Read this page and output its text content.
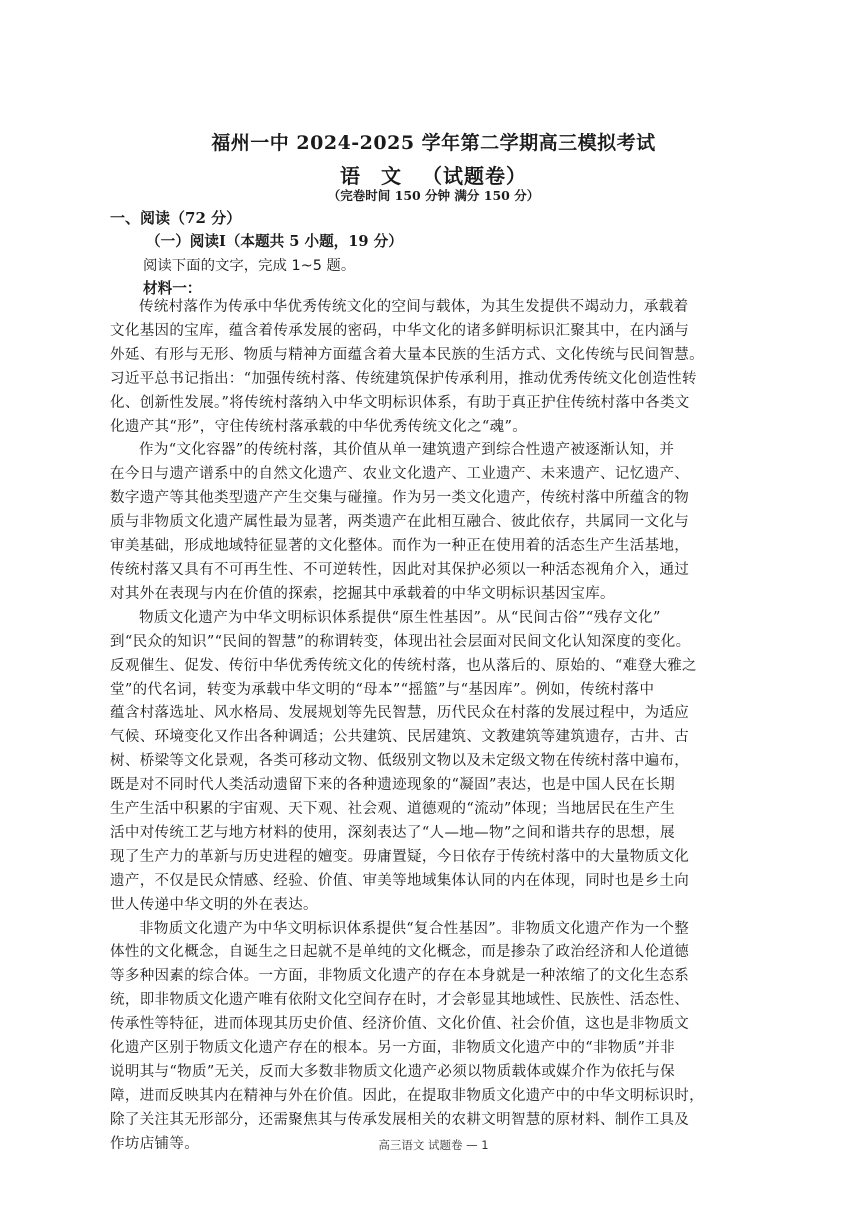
福州一中 2024-2025 学年第二学期高三模拟考试
语 文 （试题卷）
（完卷时间 150 分钟 满分 150 分）
一、阅读（72 分）
（一）阅读Ⅰ（本题共 5 小题，19 分）
阅读下面的文字，完成 1~5 题。
材料一：
传统村落作为传承中华优秀传统文化的空间与载体，为其生发提供不竭动力，承载着
文化基因的宝库，蕴含着传承发展的密码，中华文化的诸多鲜明标识汇聚其中，在内涵与
外延、有形与无形、物质与精神方面蕴含着大量本民族的生活方式、文化传统与民间智慧。
习近平总书记指出：“加强传统村落、传统建筑保护传承利用，推动优秀传统文化创造性转
化、创新性发展。”将传统村落纳入中华文明标识体系，有助于真正护住传统村落中各类文
化遗产其“形”，守住传统村落承载的中华优秀传统文化之“魂”。
作为“文化容器”的传统村落，其价值从单一建筑遗产到综合性遗产被逐渐认知，并
在今日与遗产谱系中的自然文化遗产、农业文化遗产、工业遗产、未来遗产、记忆遗产、
数字遗产等其他类型遗产产生交集与碰撞。作为另一类文化遗产，传统村落中所蕴含的物
质与非物质文化遗产属性最为显著，两类遗产在此相互融合、彼此依存，共属同一文化与
审美基础，形成地域特征显著的文化整体。而作为一种正在使用着的活态生产生活基地，
传统村落又具有不可再生性、不可逆转性，因此对其保护必须以一种活态视角介入，通过
对其外在表现与内在价值的探索，挖掘其中承载着的中华文明标识基因宝库。
物质文化遗产为中华文明标识体系提供“原生性基因”。从“民间古俗”“残存文化”
到“民众的知识”“民间的智慧”的称谓转变，体现出社会层面对民间文化认知深度的变化。
反观催生、促发、传衍中华优秀传统文化的传统村落，也从落后的、原始的、“难登大雅之
堂”的代名词，转变为承载中华文明的“母本”“摇篮”与“基因库”。例如，传统村落中
蕴含村落选址、风水格局、发展规划等先民智慧，历代民众在村落的发展过程中，为适应
气候、环境变化又作出各种调适；公共建筑、民居建筑、文教建筑等建筑遗存，古井、古
树、桥梁等文化景观，各类可移动文物、低级别文物以及未定级文物在传统村落中遍布，
既是对不同时代人类活动遗留下来的各种遗迹现象的“凝固”表达，也是中国人民在长期
生产生活中积累的宇宙观、天下观、社会观、道德观的“流动”体现；当地居民在生产生
活中对传统工艺与地方材料的使用，深刻表达了“人—地—物”之间和谐共存的思想，展
现了生产力的革新与历史进程的嬗变。毋庸置疑，今日依存于传统村落中的大量物质文化
遗产，不仅是民众情感、经验、价值、审美等地域集体认同的内在体现，同时也是乡土向
世人传递中华文明的外在表达。
非物质文化遗产为中华文明标识体系提供“复合性基因”。非物质文化遗产作为一个整
体性的文化概念，自诞生之日起就不是单纯的文化概念，而是掺杂了政治经济和人伦道德
等多种因素的综合体。一方面，非物质文化遗产的存在本身就是一种浓缩了的文化生态系
统，即非物质文化遗产唯有依附文化空间存在时，才会彰显其地域性、民族性、活态性、
传承性等特征，进而体现其历史价值、经济价值、文化价值、社会价值，这也是非物质文
化遗产区别于物质文化遗产存在的根本。另一方面，非物质文化遗产中的“非物质”并非
说明其与“物质”无关，反而大多数非物质文化遗产必须以物质载体或媒介作为依托与保
障，进而反映其内在精神与外在价值。因此，在提取非物质文化遗产中的中华文明标识时，
除了关注其无形部分，还需聚焦其与传承发展相关的农耕文明智慧的原材料、制作工具及
作坊店铺等。	高三语文 试题卷 — 1
